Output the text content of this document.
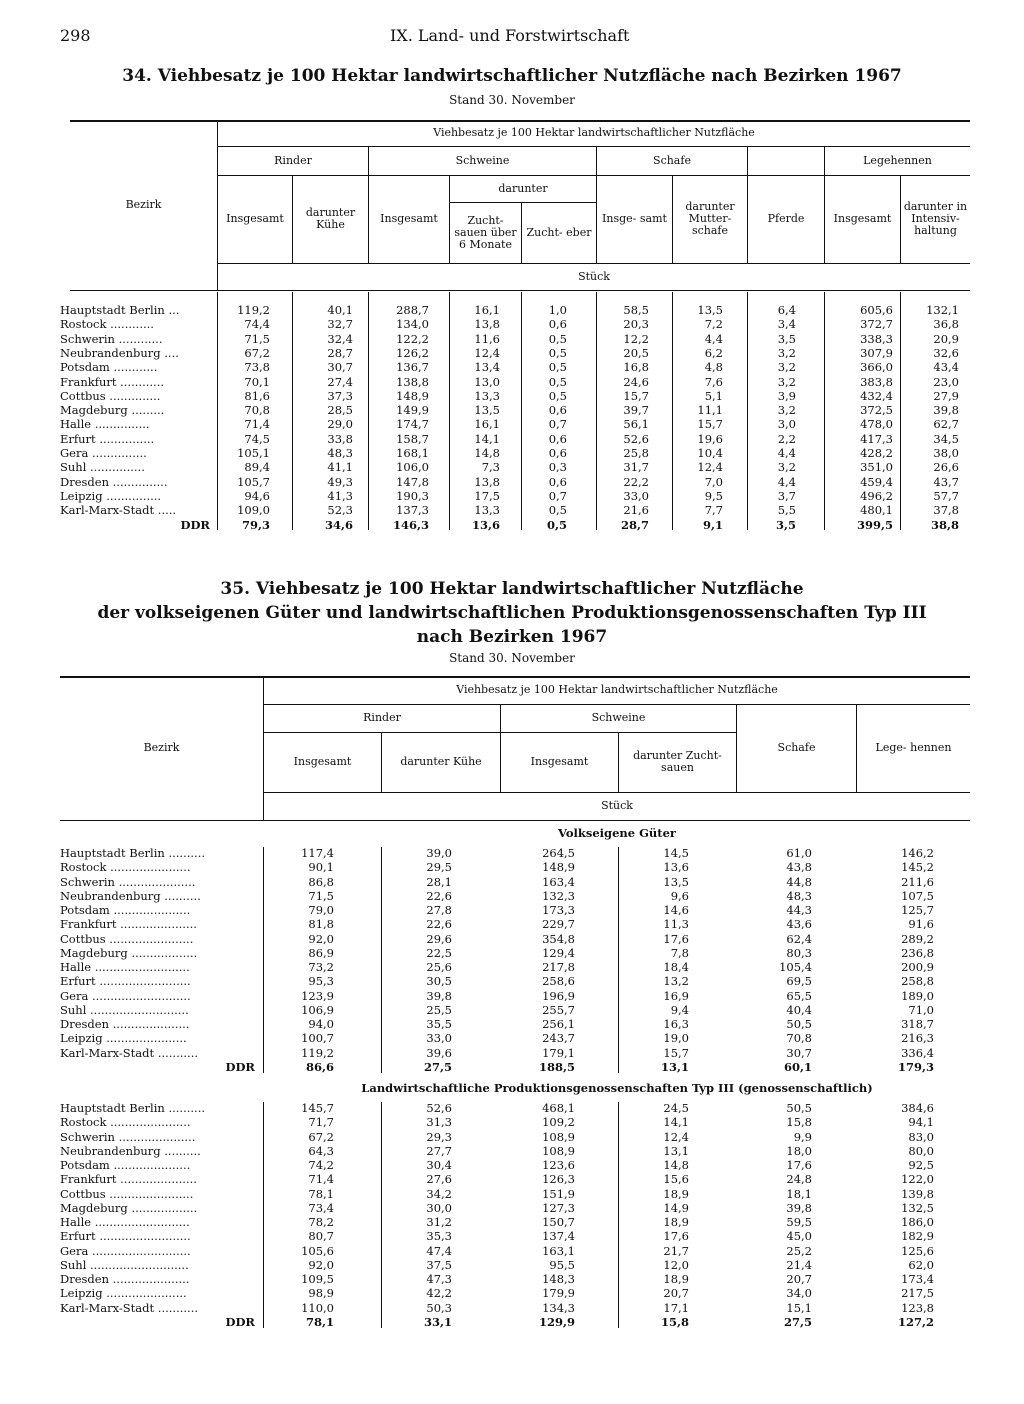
298	IX. Land- und Forstwirtschaft
34. Viehbesatz je 100 Hektar landwirtschaftlicher Nutzfläche nach Bezirken 1967
Stand 30. November
Bezirk
Viehbesatz je 100 Hektar landwirtschaftlicher Nutzfläche
Rinder	Schweine	Schafe	Legehennen
Insgesamt	darunter Kühe	Insgesamt
darunter
Zucht- sauen über 6 Monate
Zucht- eber
Insge- samt
darunter Mutter- schafe
Pferde	Insgesamt
darunter in Intensiv- haltung
Stück
Hauptstadt Berlin ...	119,2	40,1	288,7	16,1	1,0	58,5	13,5	6,4	605,6	132,1
Rostock ............	74,4	32,7	134,0	13,8	0,6	20,3	7,2	3,4	372,7	36,8
Schwerin ............	71,5	32,4	122,2	11,6	0,5	12,2	4,4	3,5	338,3	20,9
Neubrandenburg ....	67,2	28,7	126,2	12,4	0,5	20,5	6,2	3,2	307,9	32,6
Potsdam ............	73,8	30,7	136,7	13,4	0,5	16,8	4,8	3,2	366,0	43,4
Frankfurt ............	70,1	27,4	138,8	13,0	0,5	24,6	7,6	3,2	383,8	23,0
Cottbus ..............	81,6	37,3	148,9	13,3	0,5	15,7	5,1	3,9	432,4	27,9
Magdeburg .........	70,8	28,5	149,9	13,5	0,6	39,7	11,1	3,2	372,5	39,8
Halle ...............	71,4	29,0	174,7	16,1	0,7	56,1	15,7	3,0	478,0	62,7
Erfurt ...............	74,5	33,8	158,7	14,1	0,6	52,6	19,6	2,2	417,3	34,5
Gera ...............	105,1	48,3	168,1	14,8	0,6	25,8	10,4	4,4	428,2	38,0
Suhl ...............	89,4	41,1	106,0	7,3	0,3	31,7	12,4	3,2	351,0	26,6
Dresden ...............	105,7	49,3	147,8	13,8	0,6	22,2	7,0	4,4	459,4	43,7
Leipzig ...............	94,6	41,3	190,3	17,5	0,7	33,0	9,5	3,7	496,2	57,7
Karl-Marx-Stadt .....	109,0	52,3	137,3	13,3	0,5	21,6	7,7	5,5	480,1	37,8
DDR	79,3	34,6	146,3	13,6	0,5	28,7	9,1	3,5	399,5	38,8
35. Viehbesatz je 100 Hektar landwirtschaftlicher Nutzfläche
der volkseigenen Güter und landwirtschaftlichen Produktionsgenossenschaften Typ III
nach Bezirken 1967
Stand 30. November
Bezirk
Viehbesatz je 100 Hektar landwirtschaftlicher Nutzfläche
Rinder	Schweine
Insgesamt	darunter Kühe	Insgesamt	darunter Zucht- sauen
Schafe	Lege- hennen
Stück
Volkseigene Güter
Landwirtschaftliche Produktionsgenossenschaften Typ III (genossenschaftlich)
Hauptstadt Berlin ..........	117,4	39,0	264,5	14,5	61,0	146,2
Rostock ......................	90,1	29,5	148,9	13,6	43,8	145,2
Schwerin .....................	86,8	28,1	163,4	13,5	44,8	211,6
Neubrandenburg ..........	71,5	22,6	132,3	9,6	48,3	107,5
Potsdam .....................	79,0	27,8	173,3	14,6	44,3	125,7
Frankfurt .....................	81,8	22,6	229,7	11,3	43,6	91,6
Cottbus .......................	92,0	29,6	354,8	17,6	62,4	289,2
Magdeburg ..................	86,9	22,5	129,4	7,8	80,3	236,8
Halle ..........................	73,2	25,6	217,8	18,4	105,4	200,9
Erfurt .........................	95,3	30,5	258,6	13,2	69,5	258,8
Gera ...........................	123,9	39,8	196,9	16,9	65,5	189,0
Suhl ...........................	106,9	25,5	255,7	9,4	40,4	71,0
Dresden .....................	94,0	35,5	256,1	16,3	50,5	318,7
Leipzig ......................	100,7	33,0	243,7	19,0	70,8	216,3
Karl-Marx-Stadt ...........	119,2	39,6	179,1	15,7	30,7	336,4
DDR	86,6	27,5	188,5	13,1	60,1	179,3
Hauptstadt Berlin ..........	145,7	52,6	468,1	24,5	50,5	384,6
Rostock ......................	71,7	31,3	109,2	14,1	15,8	94,1
Schwerin .....................	67,2	29,3	108,9	12,4	9,9	83,0
Neubrandenburg ..........	64,3	27,7	108,9	13,1	18,0	80,0
Potsdam .....................	74,2	30,4	123,6	14,8	17,6	92,5
Frankfurt .....................	71,4	27,6	126,3	15,6	24,8	122,0
Cottbus .......................	78,1	34,2	151,9	18,9	18,1	139,8
Magdeburg ..................	73,4	30,0	127,3	14,9	39,8	132,5
Halle ..........................	78,2	31,2	150,7	18,9	59,5	186,0
Erfurt .........................	80,7	35,3	137,4	17,6	45,0	182,9
Gera ...........................	105,6	47,4	163,1	21,7	25,2	125,6
Suhl ...........................	92,0	37,5	95,5	12,0	21,4	62,0
Dresden .....................	109,5	47,3	148,3	18,9	20,7	173,4
Leipzig ......................	98,9	42,2	179,9	20,7	34,0	217,5
Karl-Marx-Stadt ...........	110,0	50,3	134,3	17,1	15,1	123,8
DDR	78,1	33,1	129,9	15,8	27,5	127,2
